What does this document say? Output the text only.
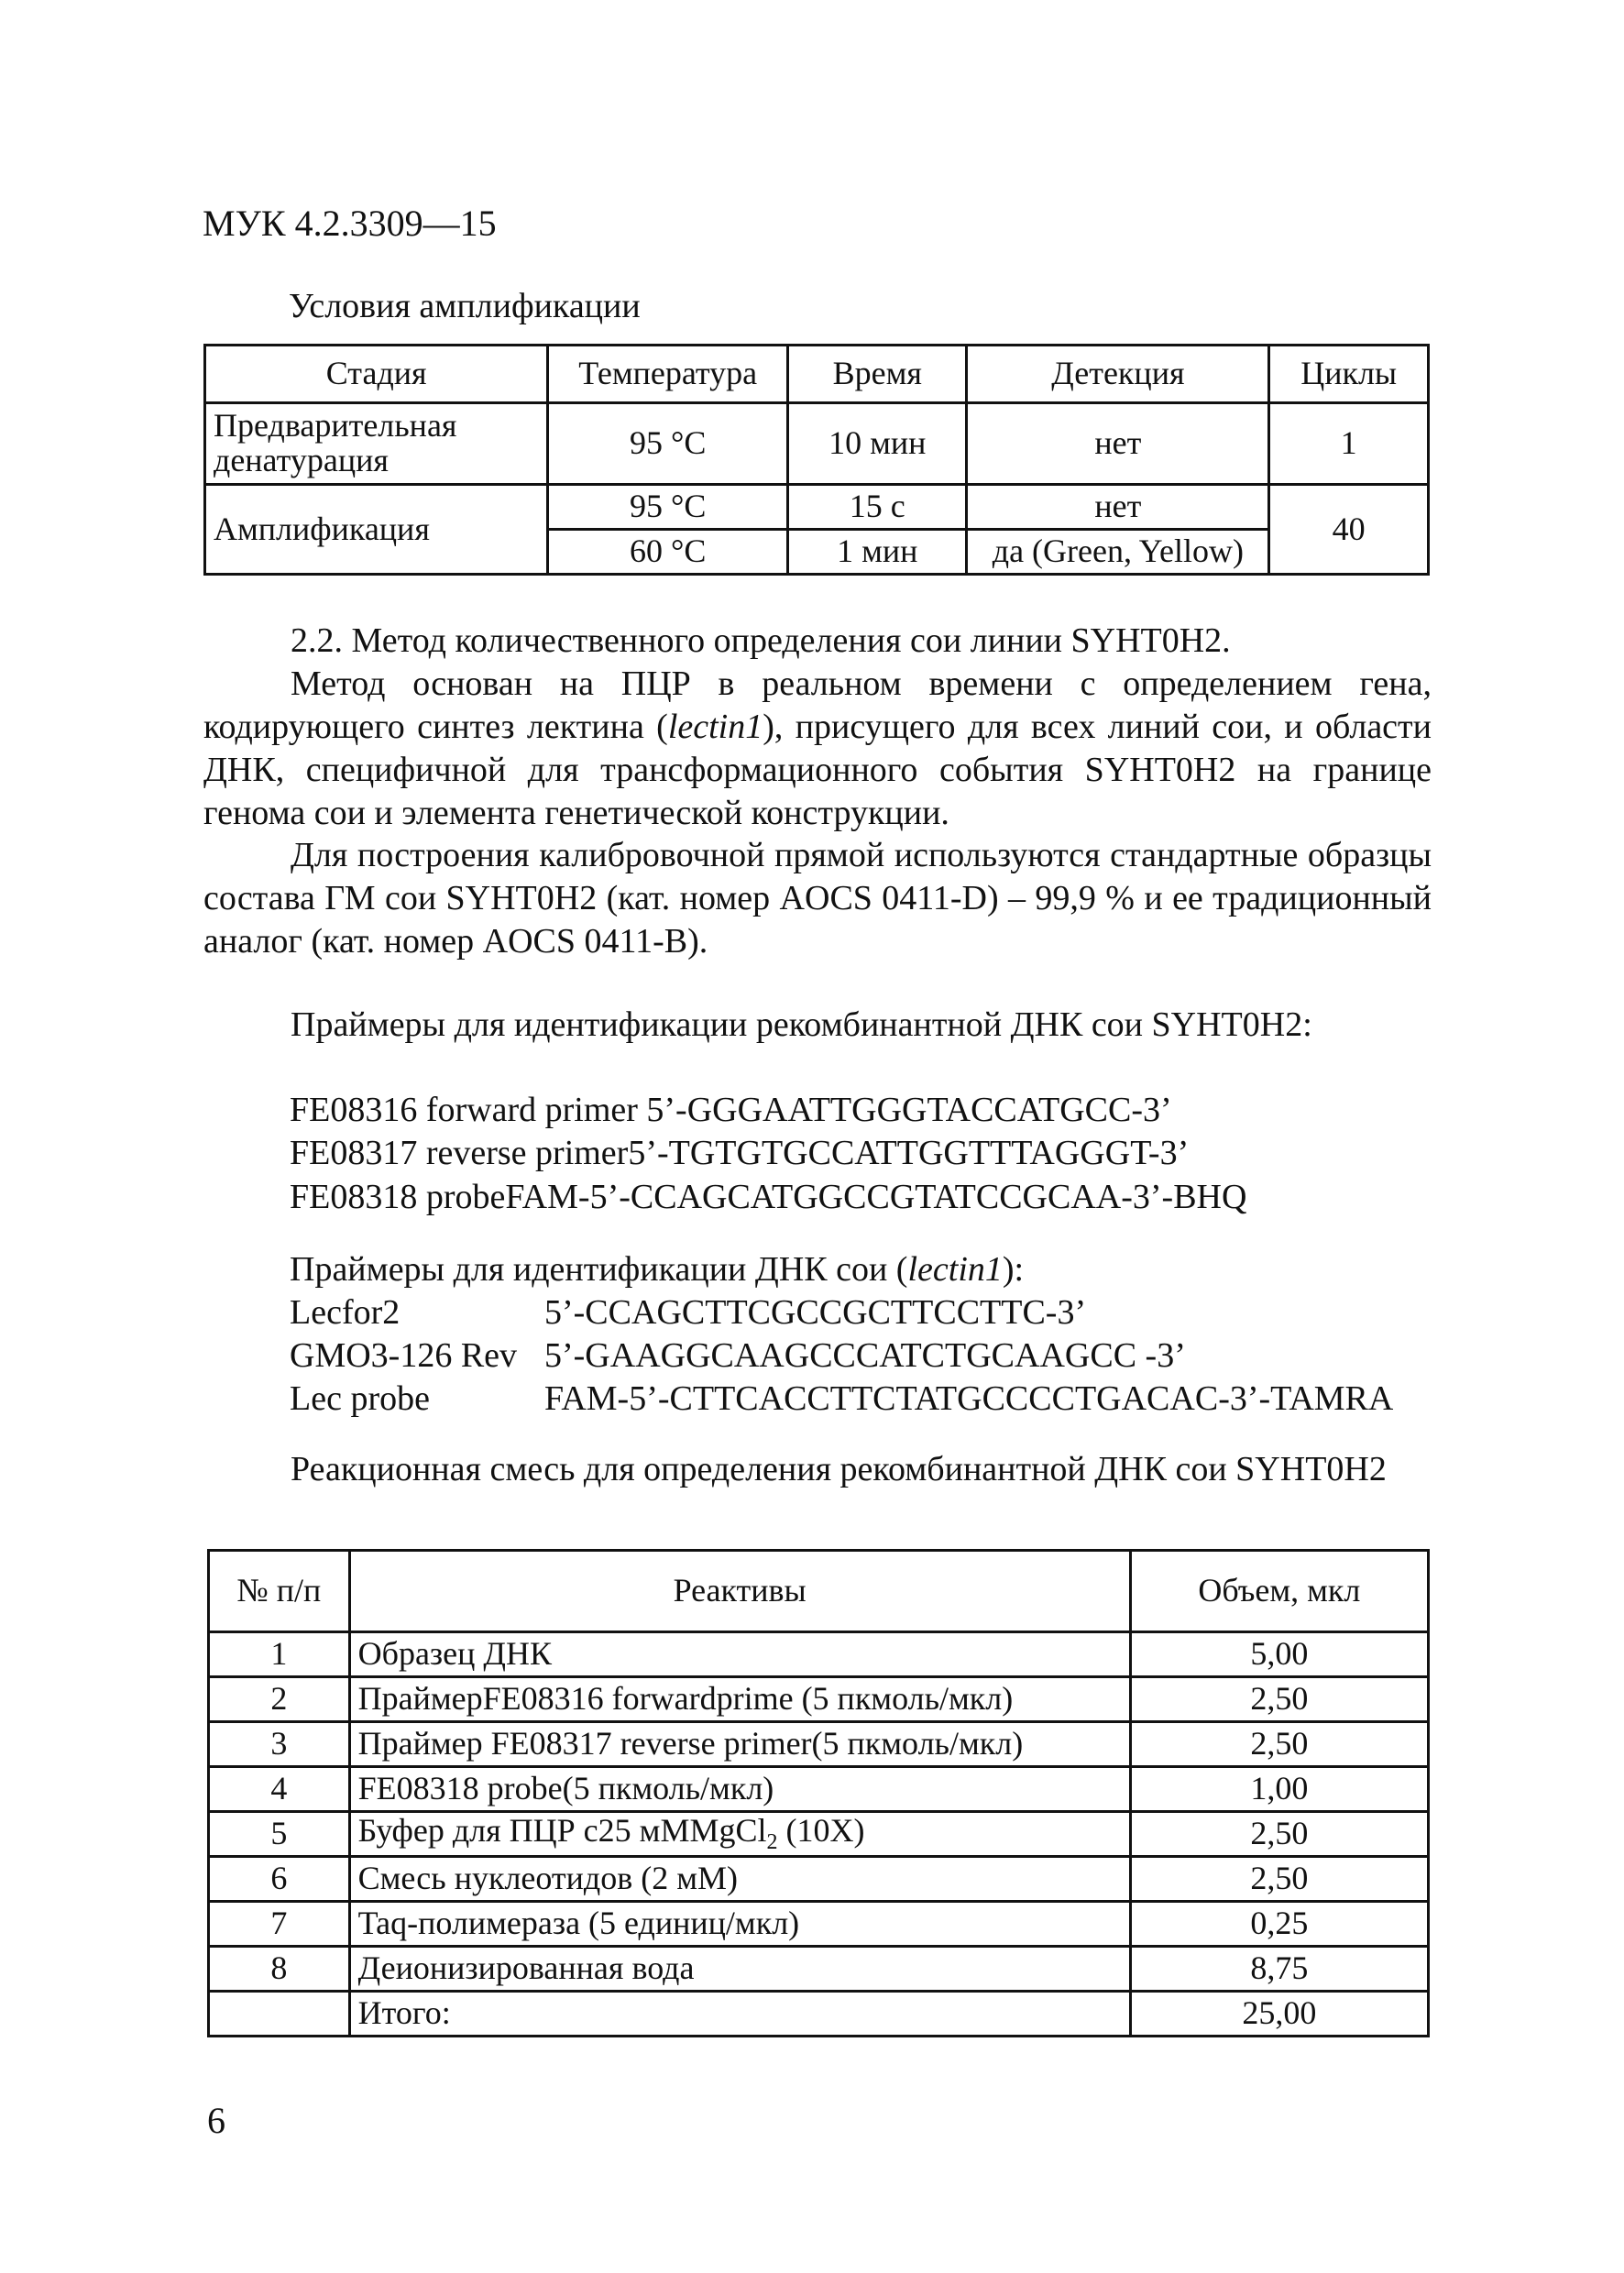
МУК 4.2.3309—15
Условия амплификации
Стадия	Температура	Время	Детекция	Циклы
Предварительная денатурация	95 °С	10 мин	нет	1
Амплификация	95 °С	15 с	нет	40
	60 °С	1 мин	да (Green, Yellow)	
2.2. Метод количественного определения сои линии SYHT0H2.
Метод основан на ПЦР в реальном времени с определением гена, кодирующего синтез лектина (lectin1), присущего для всех линий сои, и области ДНК, специфичной для трансформационного события SYHT0H2 на границе генома сои и элемента генетической конструкции.
Для построения калибровочной прямой используются стандартные образцы состава ГМ сои SYHT0H2 (кат. номер AOCS 0411-D) – 99,9 % и ее традиционный аналог (кат. номер AOCS 0411-B).
Праймеры для идентификации рекомбинантной ДНК сои SYHT0H2:
FE08316 forward primer 5’-GGGAATTGGGTACCATGCC-3’
FE08317 reverse primer5’-TGTGTGCCATTGGTTTAGGGT-3’
FE08318 probeFAM-5’-CCAGCATGGCCGTATCCGCAA-3’-BHQ
Праймеры для идентификации ДНК сои (lectin1):
Lecfor2	5’-CCAGCTTCGCCGCTTCCTTC-3’
GMO3-126 Rev 5’-GAAGGCAAGCCCATCTGCAAGCC -3’
Lec probe	FAM-5’-CTTCACCTTCTATGCCCCTGACAC-3’-TAMRA
Реакционная смесь для определения рекомбинантной ДНК сои SYHT0H2
№ п/п	Реактивы	Объем, мкл
1	Образец ДНК	5,00
2	ПраймерFE08316 forwardprime (5 пкмоль/мкл)	2,50
3	Праймер FE08317 reverse primer(5 пкмоль/мкл)	2,50
4	FE08318 probe(5 пкмоль/мкл)	1,00
5	Буфер для ПЦР с25 мМMgCl$_2$ (10Х)	2,50
6	Смесь нуклеотидов (2 мМ)	2,50
7	Taq-полимераза (5 единиц/мкл)	0,25
8	Деионизированная вода	8,75
	Итого:	25,00
6
